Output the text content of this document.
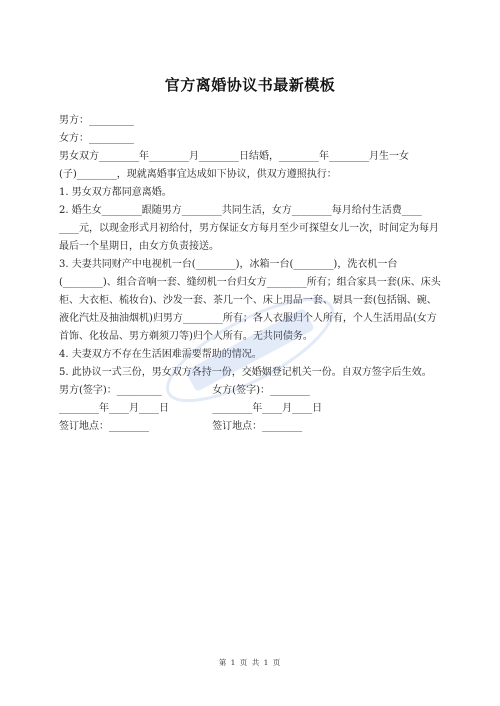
官方离婚协议书最新模板
男方：_________
女方：_________
男女双方________年________月________日结婚，________年________月生一女
(子)________，现就离婚事宜达成如下协议，供双方遵照执行：
1. 男女双方都同意离婚。
2. 婚生女________跟随男方________共同生活，女方________每月给付生活费____
____元，以现金形式月初给付，男方保证女方每月至少可探望女儿一次，时间定为每月最后一个星期日，由女方负责接送。
3. 夫妻共同财产中电视机一台(________)，冰箱一台(________)，洗衣机一台(________)、组合音响一套、缝纫机一台归女方________所有；组合家具一套(床、床头柜、大衣柜、梳妆台)、沙发一套、茶几一个、床上用品一套、厨具一套(包括锅、碗、液化汽灶及抽油烟机)归男方________所有；各人衣服归个人所有，个人生活用品(女方首饰、化妆品、男方剃须刀等)归个人所有。无共同债务。
4. 夫妻双方不存在生活困难需要帮助的情况。
5. 此协议一式三份，男女双方各持一份，交婚姻登记机关一份。自双方签字后生效。
男方(签字)：_________	女方(签字)：________
________年____月____日	________年____月____日
签订地点：________	签订地点：________
第 1 页 共 1 页
